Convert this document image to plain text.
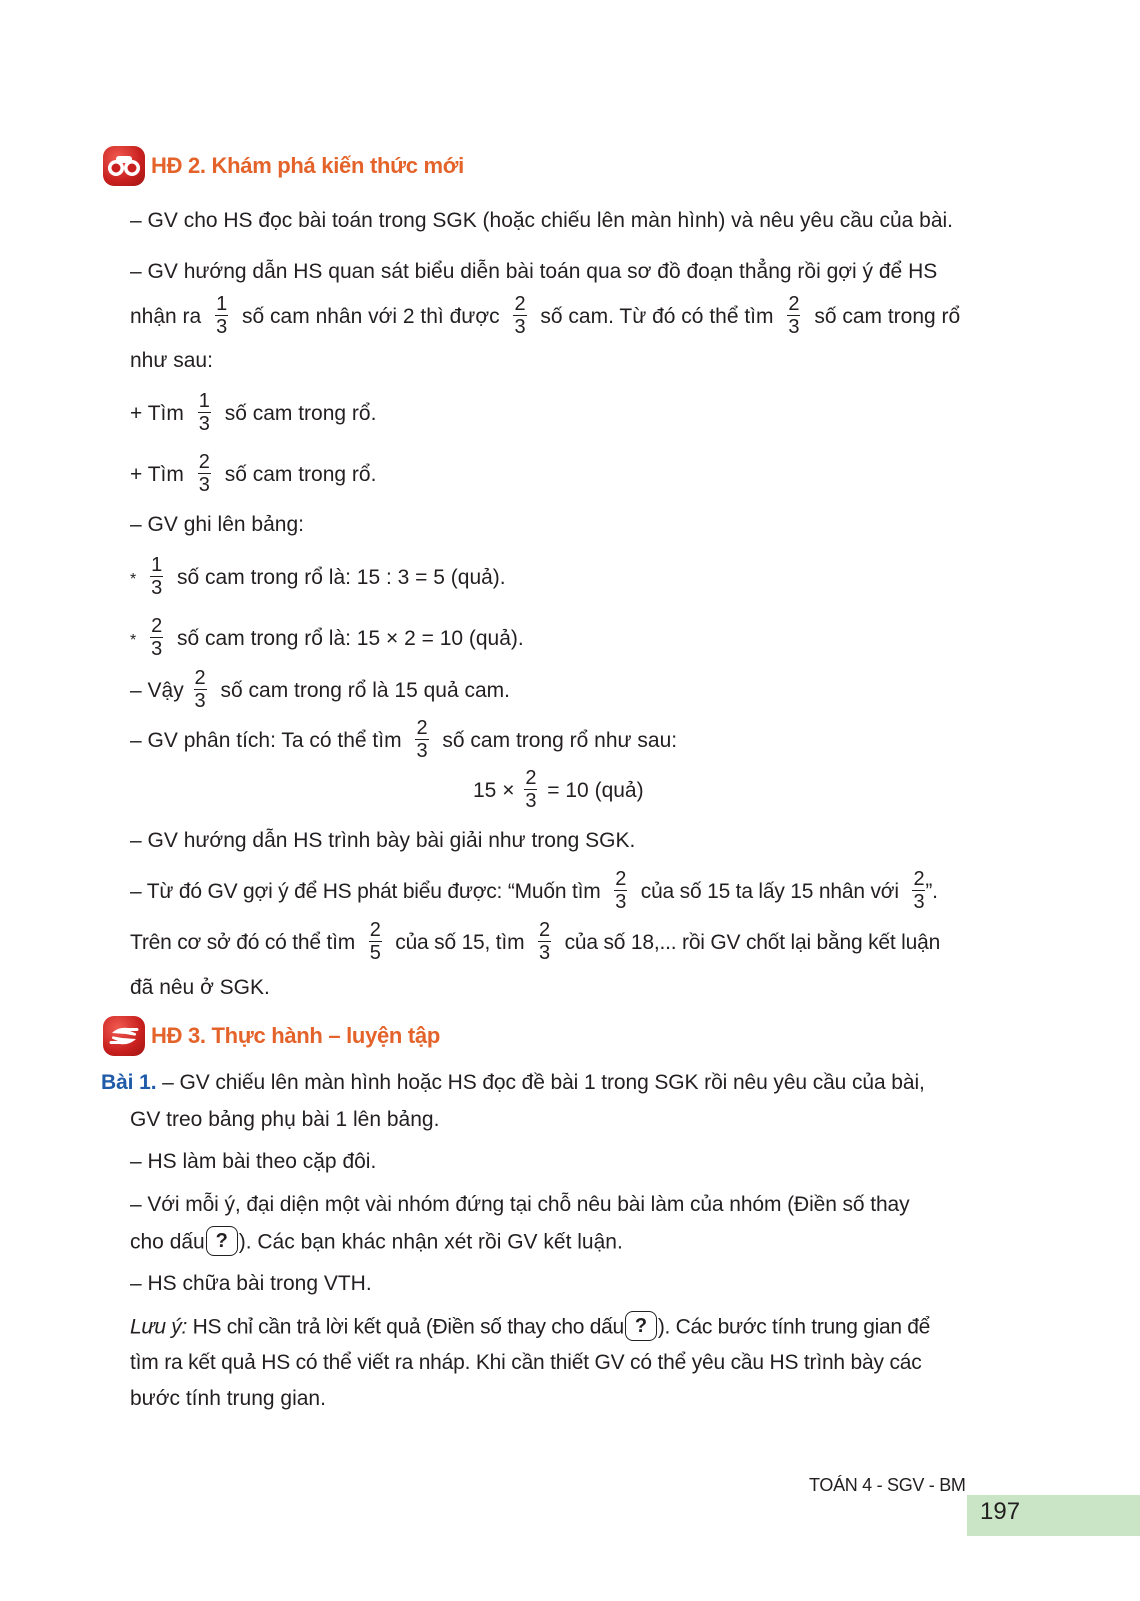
HĐ 2. Khám phá kiến thức mới
– GV cho HS đọc bài toán trong SGK (hoặc chiếu lên màn hình) và nêu yêu cầu của bài.
– GV hướng dẫn HS quan sát biểu diễn bài toán qua sơ đồ đoạn thẳng rồi gợi ý để HS
nhận ra $\frac{1}{3}$ số cam nhân với 2 thì được $\frac{2}{3}$ số cam. Từ đó có thể tìm $\frac{2}{3}$ số cam trong rổ
như sau:
+ Tìm $\frac{1}{3}$ số cam trong rổ.
+ Tìm $\frac{2}{3}$ số cam trong rổ.
– GV ghi lên bảng:
* $\frac{1}{3}$ số cam trong rổ là: 15 : 3 = 5 (quả).
* $\frac{2}{3}$ số cam trong rổ là: 15 × 2 = 10 (quả).
– Vậy $\frac{2}{3}$ số cam trong rổ là 15 quả cam.
– GV phân tích: Ta có thể tìm $\frac{2}{3}$ số cam trong rổ như sau:
$15 \times \frac{2}{3} = 10$ (quả)
– GV hướng dẫn HS trình bày bài giải như trong SGK.
– Từ đó GV gợi ý để HS phát biểu được: “Muốn tìm $\frac{2}{3}$ của số 15 ta lấy 15 nhân với $\frac{2}{3}$ ”.
Trên cơ sở đó có thể tìm $\frac{2}{5}$ của số 15, tìm $\frac{2}{3}$ của số 18,... rồi GV chốt lại bằng kết luận
đã nêu ở SGK.
HĐ 3. Thực hành – luyện tập
Bài 1. – GV chiếu lên màn hình hoặc HS đọc đề bài 1 trong SGK rồi nêu yêu cầu của bài,
GV treo bảng phụ bài 1 lên bảng.
– HS làm bài theo cặp đôi.
– Với mỗi ý, đại diện một vài nhóm đứng tại chỗ nêu bài làm của nhóm (Điền số thay
cho dấu ? ). Các bạn khác nhận xét rồi GV kết luận.
– HS chữa bài trong VTH.
Lưu ý: HS chỉ cần trả lời kết quả (Điền số thay cho dấu ? ). Các bước tính trung gian để
tìm ra kết quả HS có thể viết ra nháp. Khi cần thiết GV có thể yêu cầu HS trình bày các
bước tính trung gian.
TOÁN 4 - SGV - BM
197
